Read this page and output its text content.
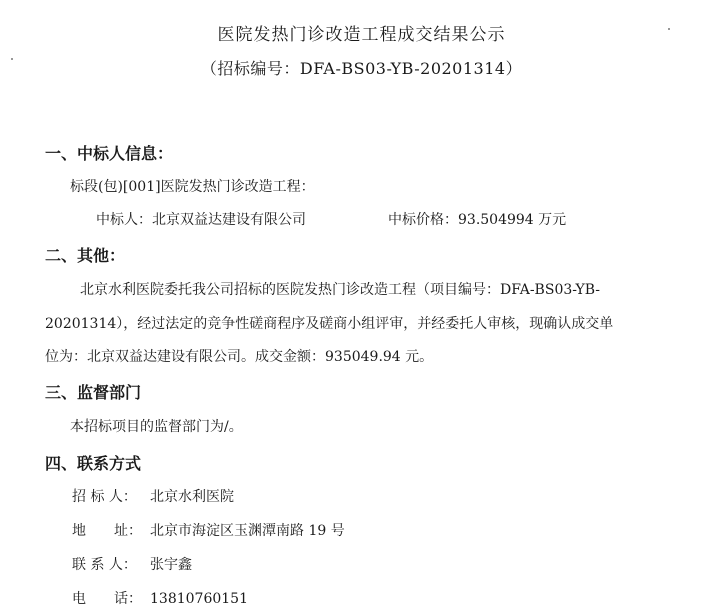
医院发热门诊改造工程成交结果公示
（招标编号：DFA-BS03-YB-20201314）
一、中标人信息：
标段(包)[001]医院发热门诊改造工程：
中标人：北京双益达建设有限公司	中标价格：93.504994 万元
二、其他：
北京水利医院委托我公司招标的医院发热门诊改造工程（项目编号：DFA-BS03-YB-
20201314），经过法定的竞争性磋商程序及磋商小组评审，并经委托人审核，现确认成交单
位为：北京双益达建设有限公司。成交金额：935049.94 元。
三、监督部门
本招标项目的监督部门为/。
四、联系方式
招 标 人： 北京水利医院
地　　址： 北京市海淀区玉渊潭南路 19 号
联 系 人： 张宇鑫
电　　话： 13810760151
